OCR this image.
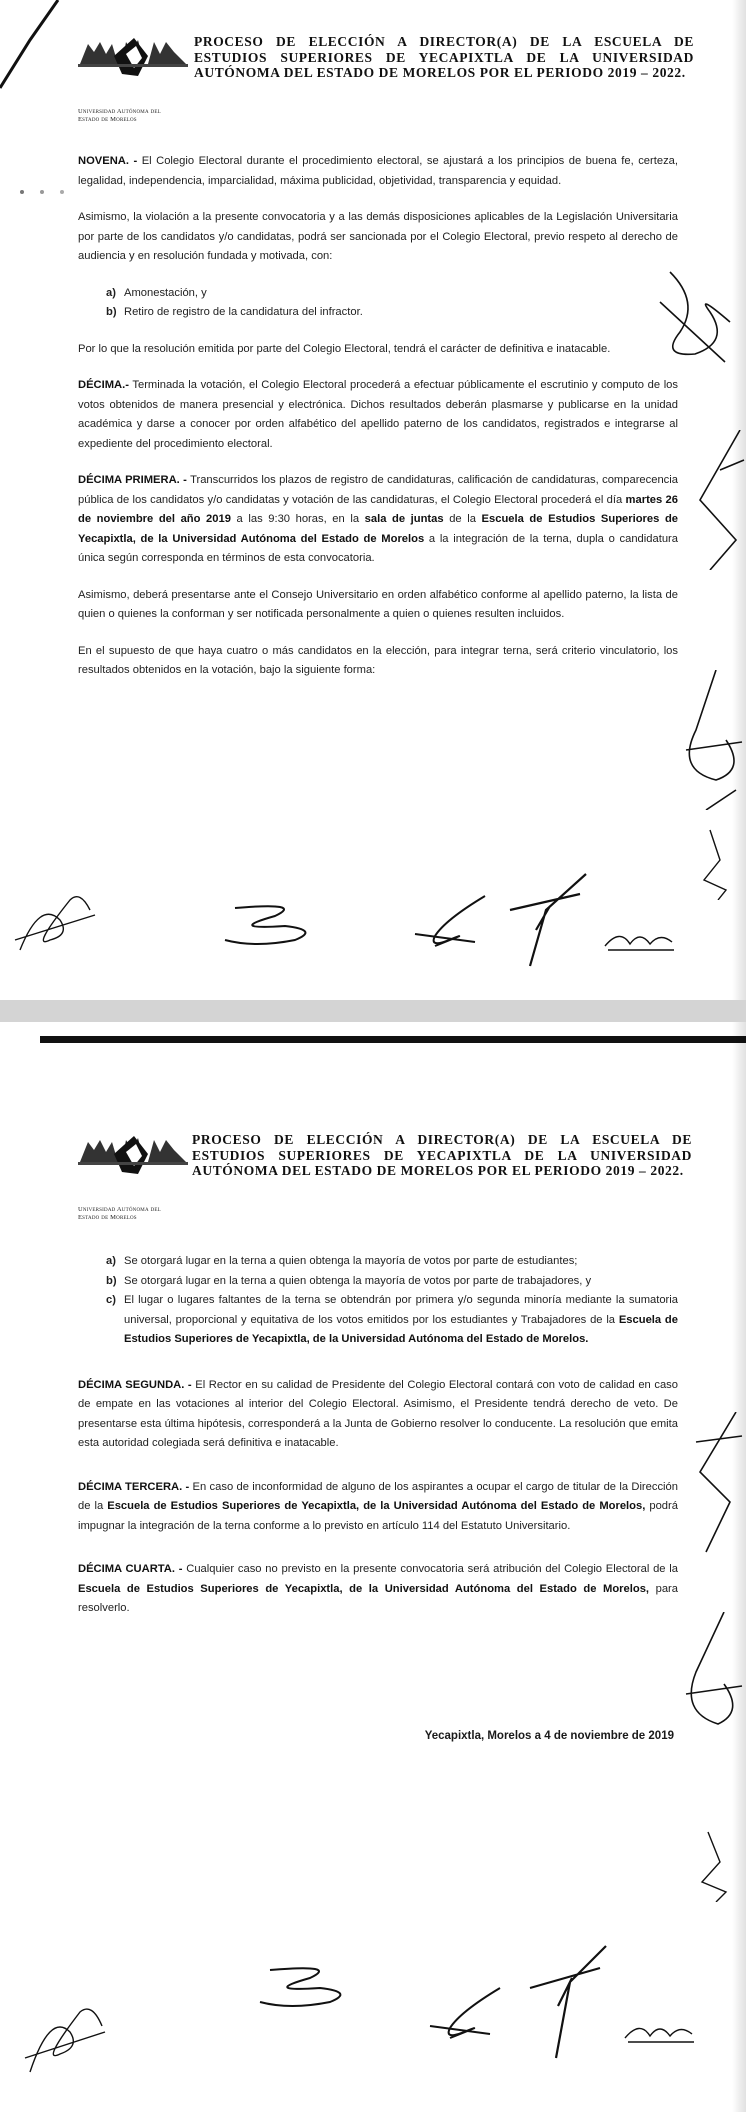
Universidad Autónoma del
Estado de Morelos
PROCESO DE ELECCIÓN A DIRECTOR(A) DE LA ESCUELA DE ESTUDIOS SUPERIORES DE YECAPIXTLA DE LA UNIVERSIDAD AUTÓNOMA DEL ESTADO DE MORELOS POR EL PERIODO 2019 – 2022.

NOVENA. - El Colegio Electoral durante el procedimiento electoral, se ajustará a los principios de buena fe, certeza, legalidad, independencia, imparcialidad, máxima publicidad, objetividad, transparencia y equidad.

Asimismo, la violación a la presente convocatoria y a las demás disposiciones aplicables de la Legislación Universitaria por parte de los candidatos y/o candidatas, podrá ser sancionada por el Colegio Electoral, previo respeto al derecho de audiencia y en resolución fundada y motivada, con:

a) Amonestación, y
b) Retiro de registro de la candidatura del infractor.

Por lo que la resolución emitida por parte del Colegio Electoral, tendrá el carácter de definitiva e inatacable.

DÉCIMA.- Terminada la votación, el Colegio Electoral procederá a efectuar públicamente el escrutinio y computo de los votos obtenidos de manera presencial y electrónica. Dichos resultados deberán plasmarse y publicarse en la unidad académica y darse a conocer por orden alfabético del apellido paterno de los candidatos, registrados e integrarse al expediente del procedimiento electoral.

DÉCIMA PRIMERA. - Transcurridos los plazos de registro de candidaturas, calificación de candidaturas, comparecencia pública de los candidatos y/o candidatas y votación de las candidaturas, el Colegio Electoral procederá el día martes 26 de noviembre del año 2019 a las 9:30 horas, en la sala de juntas de la Escuela de Estudios Superiores de Yecapixtla, de la Universidad Autónoma del Estado de Morelos a la integración de la terna, dupla o candidatura única según corresponda en términos de esta convocatoria.

Asimismo, deberá presentarse ante el Consejo Universitario en orden alfabético conforme al apellido paterno, la lista de quien o quienes la conforman y ser notificada personalmente a quien o quienes resulten incluidos.

En el supuesto de que haya cuatro o más candidatos en la elección, para integrar terna, será criterio vinculatorio, los resultados obtenidos en la votación, bajo la siguiente forma:

Universidad Autónoma del
Estado de Morelos
PROCESO DE ELECCIÓN A DIRECTOR(A) DE LA ESCUELA DE ESTUDIOS SUPERIORES DE YECAPIXTLA DE LA UNIVERSIDAD AUTÓNOMA DEL ESTADO DE MORELOS POR EL PERIODO 2019 – 2022.
a) Se otorgará lugar en la terna a quien obtenga la mayoría de votos por parte de estudiantes;
b) Se otorgará lugar en la terna a quien obtenga la mayoría de votos por parte de trabajadores, y
c) El lugar o lugares faltantes de la terna se obtendrán por primera y/o segunda minoría mediante la sumatoria universal, proporcional y equitativa de los votos emitidos por los estudiantes y Trabajadores de la Escuela de Estudios Superiores de Yecapixtla, de la Universidad Autónoma del Estado de Morelos.

DÉCIMA SEGUNDA. - El Rector en su calidad de Presidente del Colegio Electoral contará con voto de calidad en caso de empate en las votaciones al interior del Colegio Electoral. Asimismo, el Presidente tendrá derecho de veto. De presentarse esta última hipótesis, corresponderá a la Junta de Gobierno resolver lo conducente. La resolución que emita esta autoridad colegiada será definitiva e inatacable.

DÉCIMA TERCERA. - En caso de inconformidad de alguno de los aspirantes a ocupar el cargo de titular de la Dirección de la Escuela de Estudios Superiores de Yecapixtla, de la Universidad Autónoma del Estado de Morelos, podrá impugnar la integración de la terna conforme a lo previsto en artículo 114 del Estatuto Universitario.

DÉCIMA CUARTA. - Cualquier caso no previsto en la presente convocatoria será atribución del Colegio Electoral de la Escuela de Estudios Superiores de Yecapixtla, de la Universidad Autónoma del Estado de Morelos, para resolverlo.

Yecapixtla, Morelos a 4 de noviembre de 2019
